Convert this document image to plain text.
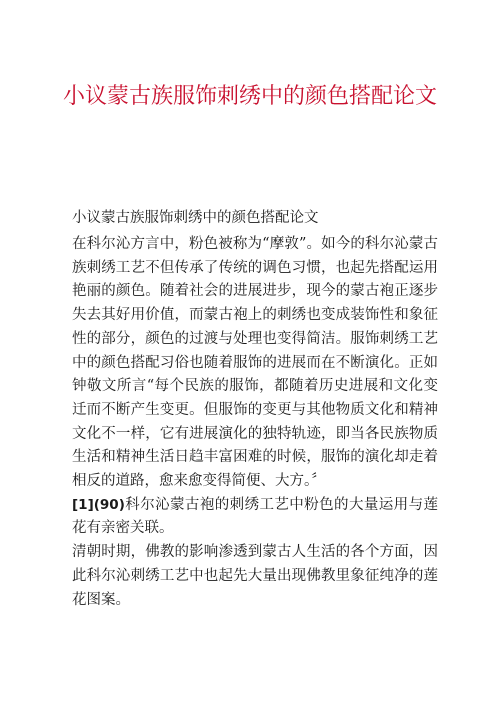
小议蒙古族服饰刺绣中的颜色搭配论文

小议蒙古族服饰刺绣中的颜色搭配论文

在科尔沁方言中，粉色被称为“摩敦”。如今的科尔沁蒙古族刺绣工艺不但传承了传统的调色习惯，也起先搭配运用艳丽的颜色。随着社会的进展进步，现今的蒙古袍正逐步失去其好用价值，而蒙古袍上的刺绣也变成装饰性和象征性的部分，颜色的过渡与处理也变得简洁。服饰刺绣工艺中的颜色搭配习俗也随着服饰的进展而在不断演化。正如钟敬文所言“每个民族的服饰，都随着历史进展和文化变迁而不断产生变更。但服饰的变更与其他物质文化和精神文化不一样，它有进展演化的独特轨迹，即当各民族物质生活和精神生活日趋丰富困难的时候，服饰的演化却走着相反的道路，愈来愈变得简便、大方。〞

[1](90)科尔沁蒙古袍的刺绣工艺中粉色的大量运用与莲花有亲密关联。

清朝时期，佛教的影响渗透到蒙古人生活的各个方面，因此科尔沁刺绣工艺中也起先大量出现佛教里象征纯净的莲花图案。
